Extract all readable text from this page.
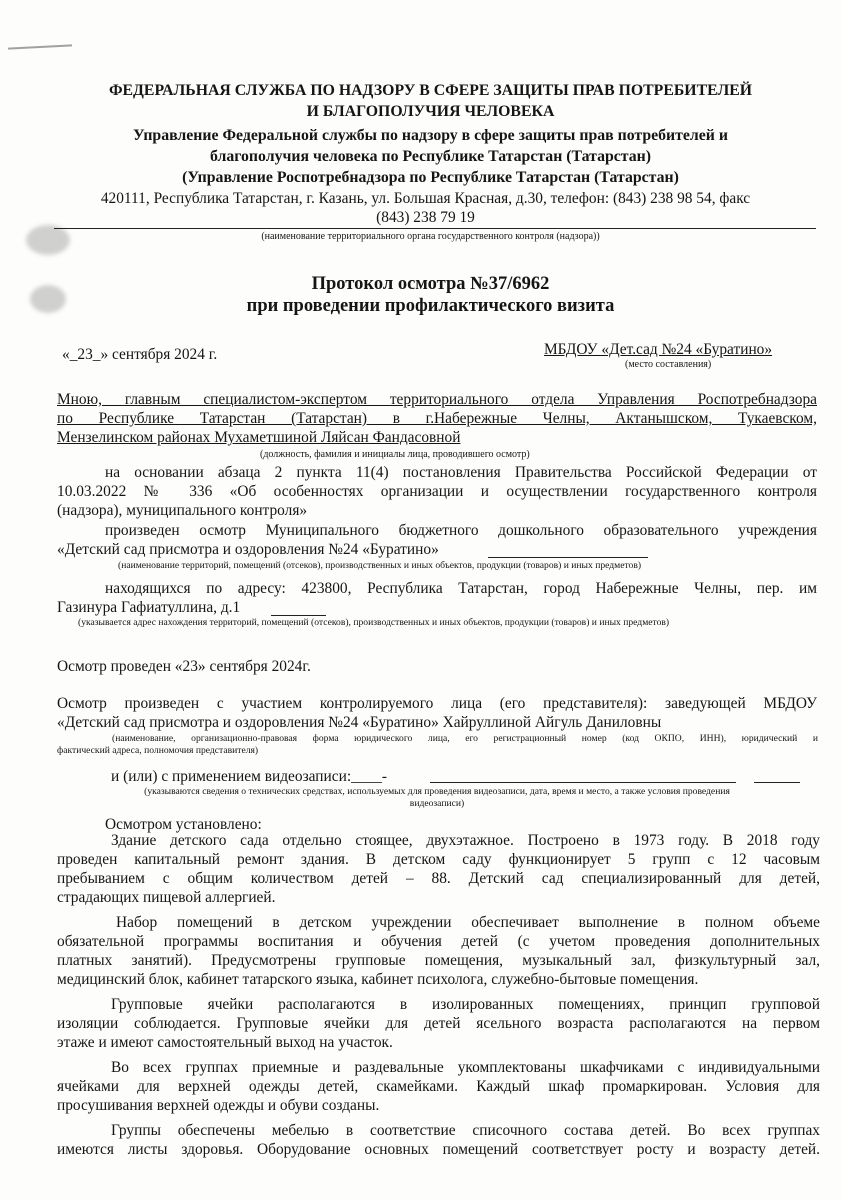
ФЕДЕРАЛЬНАЯ СЛУЖБА ПО НАДЗОРУ В СФЕРЕ ЗАЩИТЫ ПРАВ ПОТРЕБИТЕЛЕЙ

И БЛАГОПОЛУЧИЯ ЧЕЛОВЕКА

Управление Федеральной службы по надзору в сфере защиты прав потребителей и

благополучия человека по Республике Татарстан (Татарстан)

(Управление Роспотребнадзора по Республике Татарстан (Татарстан)

420111, Республика Татарстан, г. Казань, ул. Большая Красная, д.30, телефон: (843) 238 98 54, факс

(843) 238 79 19

(наименование территориального органа государственного контроля (надзора))

Протокол осмотра №37/6962

при проведении профилактического визита

«_23_» сентября 2024 г.	МБДОУ «Дет.сад №24 «Буратино»

(место составления)

Мною, главным специалистом-экспертом территориального отдела Управления Роспотребнадзора

по Республике Татарстан (Татарстан) в г.Набережные Челны, Актанышском, Тукаевском,

Мензелинском районах Мухаметшиной Ляйсан Фандасовной

(должность, фамилия и инициалы лица, проводившего осмотр)

на основании абзаца 2 пункта 11(4) постановления Правительства Российской Федерации от

10.03.2022 № 336 «Об особенностях организации и осуществлении государственного контроля

(надзора), муниципального контроля»

произведен осмотр Муниципального бюджетного дошкольного образовательного учреждения

«Детский сад присмотра и оздоровления №24 «Буратино»

(наименование территорий, помещений (отсеков), производственных и иных объектов, продукции (товаров) и иных предметов)

находящихся по адресу: 423800, Республика Татарстан, город Набережные Челны, пер. им

Газинура Гафиатуллина, д.1

(указывается адрес нахождения территорий, помещений (отсеков), производственных и иных объектов, продукции (товаров) и иных предметов)

Осмотр проведен «23» сентября 2024г.

Осмотр произведен с участием контролируемого лица (его представителя): заведующей МБДОУ

«Детский сад присмотра и оздоровления №24 «Буратино» Хайруллиной Айгуль Даниловны

(наименование, организационно-правовая форма юридического лица, его регистрационный номер (код ОКПО, ИНН), юридический и

фактический адреса, полномочия представителя)

и (или) с применением видеозаписи:____-

(указываются сведения о технических средствах, используемых для проведения видеозаписи, дата, время и место, а также условия проведения

видеозаписи)

Осмотром установлено:

Здание детского сада отдельно стоящее, двухэтажное. Построено в 1973 году. В 2018 году

проведен капитальный ремонт здания. В детском саду функционирует 5 групп с 12 часовым

пребыванием с общим количеством детей – 88. Детский сад специализированный для детей,

страдающих пищевой аллергией.

Набор помещений в детском учреждении обеспечивает выполнение в полном объеме

обязательной программы воспитания и обучения детей (с учетом проведения дополнительных

платных занятий). Предусмотрены групповые помещения, музыкальный зал, физкультурный зал,

медицинский блок, кабинет татарского языка, кабинет психолога, служебно-бытовые помещения.

Групповые ячейки располагаются в изолированных помещениях, принцип групповой

изоляции соблюдается. Групповые ячейки для детей ясельного возраста располагаются на первом

этаже и имеют самостоятельный выход на участок.

Во всех группах приемные и раздевальные укомплектованы шкафчиками с индивидуальными

ячейками для верхней одежды детей, скамейками. Каждый шкаф промаркирован. Условия для

просушивания верхней одежды и обуви созданы.

Группы обеспечены мебелью в соответствие списочного состава детей. Во всех группах

имеются листы здоровья. Оборудование основных помещений соответствует росту и возрасту детей.
